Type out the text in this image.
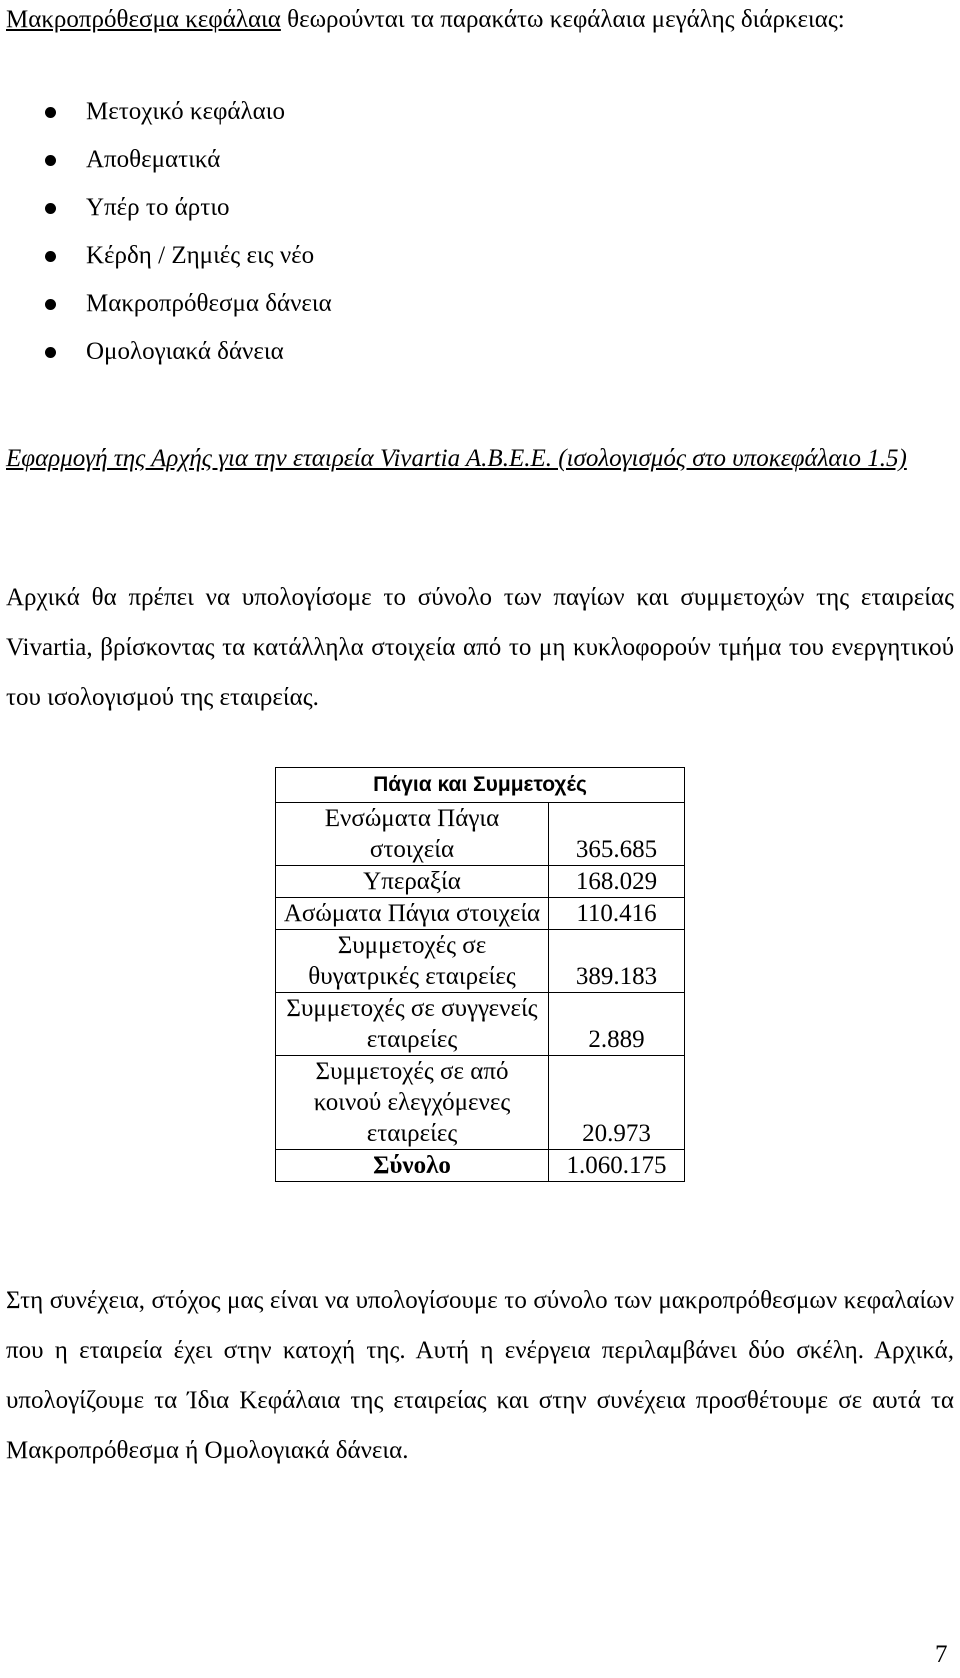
Μακροπρόθεσμα κεφάλαια θεωρούνται τα παρακάτω κεφάλαια μεγάλης διάρκειας:
Μετοχικό κεφάλαιο
Αποθεματικά
Υπέρ το άρτιο
Κέρδη / Ζημιές εις νέο
Μακροπρόθεσμα δάνεια
Ομολογιακά δάνεια
Εφαρμογή της Αρχής για την εταιρεία Vivartia A.B.E.E. (ισολογισμός στο υποκεφάλαιο 1.5)
Αρχικά θα πρέπει να υπολογίσομε το σύνολο των παγίων και συμμετοχών της εταιρείας Vivartia, βρίσκοντας τα κατάλληλα στοιχεία από το μη κυκλοφορούν τμήμα του ενεργητικού του ισολογισμού της εταιρείας.
Πάγια και Συμμετοχές	
Ενσώματα Πάγια στοιχεία	365.685
Υπεραξία	168.029
Ασώματα Πάγια στοιχεία	110.416
Συμμετοχές σε θυγατρικές εταιρείες	389.183
Συμμετοχές σε συγγενείς εταιρείες	2.889
Συμμετοχές σε από κοινού ελεγχόμενες εταιρείες	20.973
Σύνολο	1.060.175
Στη συνέχεια, στόχος μας είναι να υπολογίσουμε το σύνολο των μακροπρόθεσμων κεφαλαίων που η εταιρεία έχει στην κατοχή της. Αυτή η ενέργεια περιλαμβάνει δύο σκέλη. Αρχικά, υπολογίζουμε τα Ίδια Κεφάλαια της εταιρείας και στην συνέχεια προσθέτουμε σε αυτά τα Μακροπρόθεσμα ή Ομολογιακά δάνεια.
7
